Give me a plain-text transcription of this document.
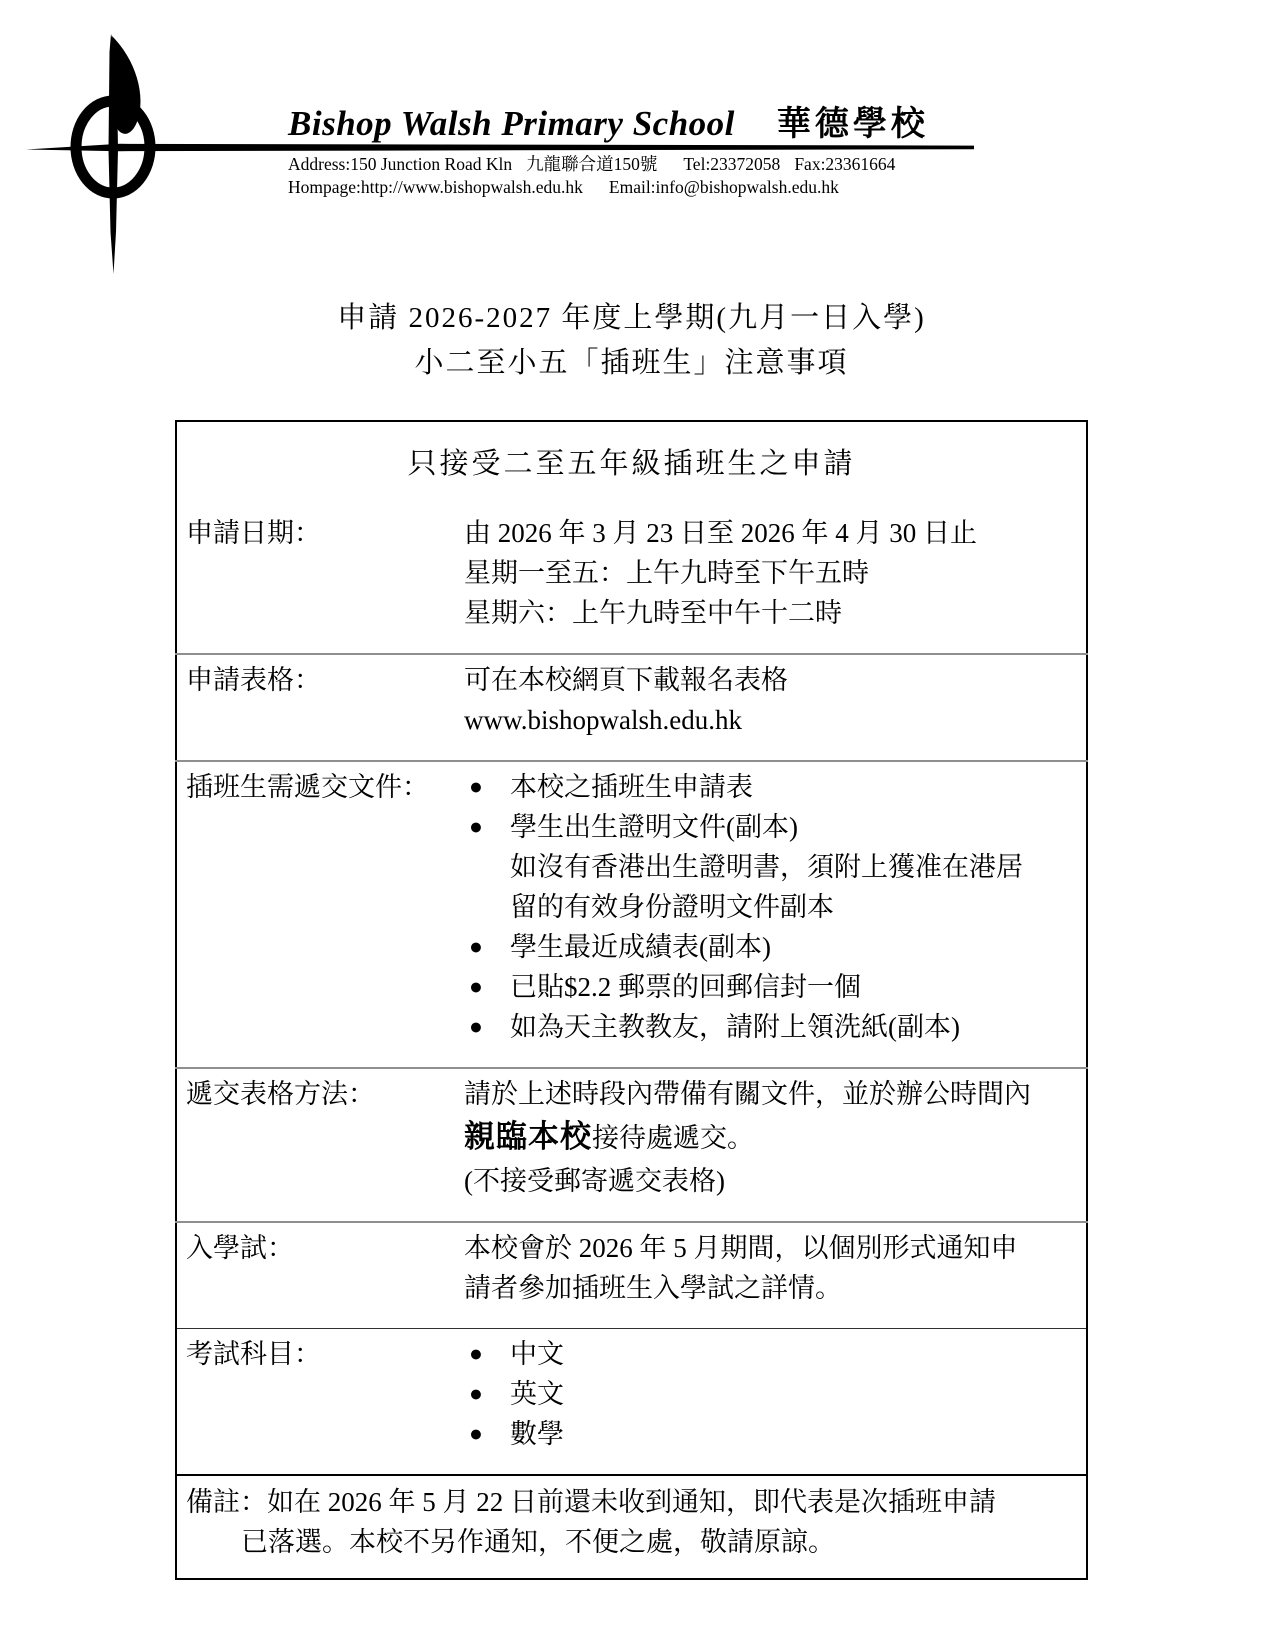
Bishop Walsh Primary School 華德學校
Address:150 Junction Road Kln 九龍聯合道150號 Tel:23372058 Fax:23361664
Hompage:http://www.bishopwalsh.edu.hk Email:info@bishopwalsh.edu.hk
申請 2026-2027 年度上學期(九月一日入學)
小二至小五「插班生」注意事項
只接受二至五年級插班生之申請	
申請日期：	由 2026 年 3 月 23 日至 2026 年 4 月 30 日止
星期一至五：上午九時至下午五時
星期六：上午九時至中午十二時

申請表格：	可在本校網頁下載報名表格
www.bishopwalsh.edu.hk

插班生需遞交文件：	●	本校之插班生申請表
●	學生出生證明文件(副本)
如沒有香港出生證明書，須附上獲准在港居
留的有效身份證明文件副本
●	學生最近成績表(副本)
●	已貼$2.2 郵票的回郵信封一個
●	如為天主教教友，請附上領洗紙(副本)

遞交表格方法：	請於上述時段內帶備有關文件，並於辦公時間內
親臨本校接待處遞交。
(不接受郵寄遞交表格)

入學試：	本校會於 2026 年 5 月期間，以個別形式通知申
請者參加插班生入學試之詳情。

考試科目：	●	中文
●	英文
●	數學

備註：如在 2026 年 5 月 22 日前還未收到通知，即代表是次插班申請
已落選。本校不另作通知，不便之處，敬請原諒。	
